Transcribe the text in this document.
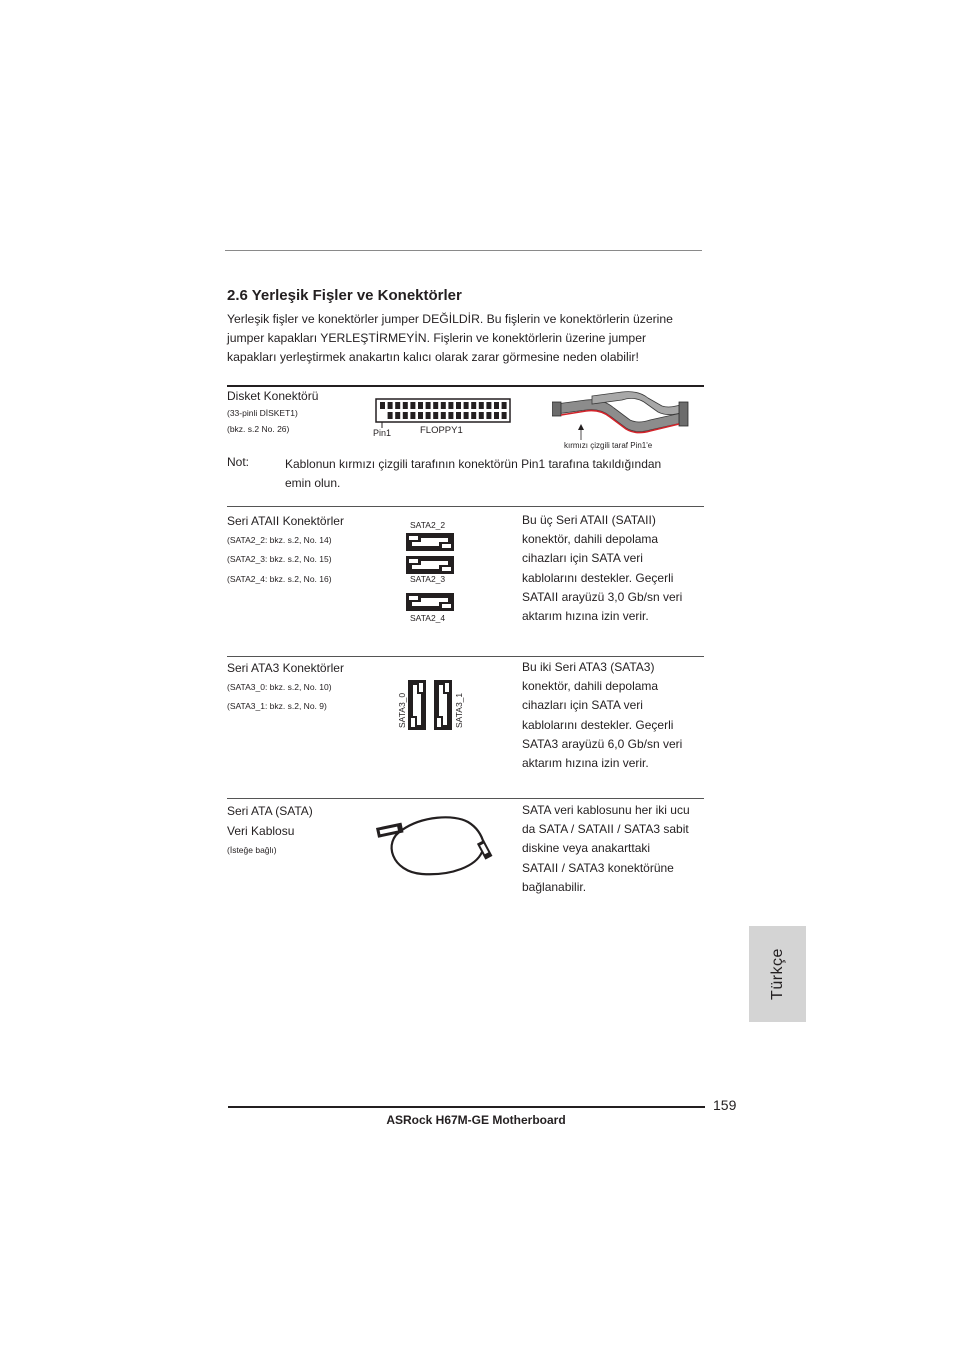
2.6 Yerleşik Fişler ve Konektörler
Yerleşik fişler ve konektörler jumper DEĞİLDİR. Bu fişlerin ve konektörlerin üzerine
jumper kapakları YERLEŞTİRMEYİN. Fişlerin ve konektörlerin üzerine jumper
kapakları yerleştirmek anakartın kalıcı olarak zarar görmesine neden olabilir!
Disket Konektörü
(33-pinli DİSKET1)
(bkz. s.2 No. 26)	Pin1	FLOPPY1
kırmızı çizgili taraf Pin1'e
Not:	Kablonun kırmızı çizgili tarafının konektörün Pin1 tarafına takıldığından
emin olun.
Seri ATAII Konektörler
(SATA2_2: bkz. s.2, No. 14)
(SATA2_3: bkz. s.2, No. 15)
(SATA2_4: bkz. s.2, No. 16)
SATA2_2
SATA2_3
SATA2_4
Bu üç Seri ATAII (SATAII)
konektör, dahili depolama
cihazları için SATA veri
kablolarını destekler. Geçerli
SATAII arayüzü 3,0 Gb/sn veri
aktarım hızına izin verir.
Seri ATA3 Konektörler
(SATA3_0: bkz. s.2, No. 10)
(SATA3_1: bkz. s.2, No. 9)	SATA3_0	SATA3_1
Bu iki Seri ATA3 (SATA3)
konektör, dahili depolama
cihazları için SATA veri
kablolarını destekler. Geçerli
SATA3 arayüzü 6,0 Gb/sn veri
aktarım hızına izin verir.
Seri ATA (SATA)
Veri Kablosu
(İsteğe bağlı)
SATA veri kablosunu her iki ucu
da SATA / SATAII / SATA3 sabit
diskine veya anakarttaki
SATAII / SATA3 konektörüne
bağlanabilir.
Türkçe
159
ASRock H67M-GE Motherboard
